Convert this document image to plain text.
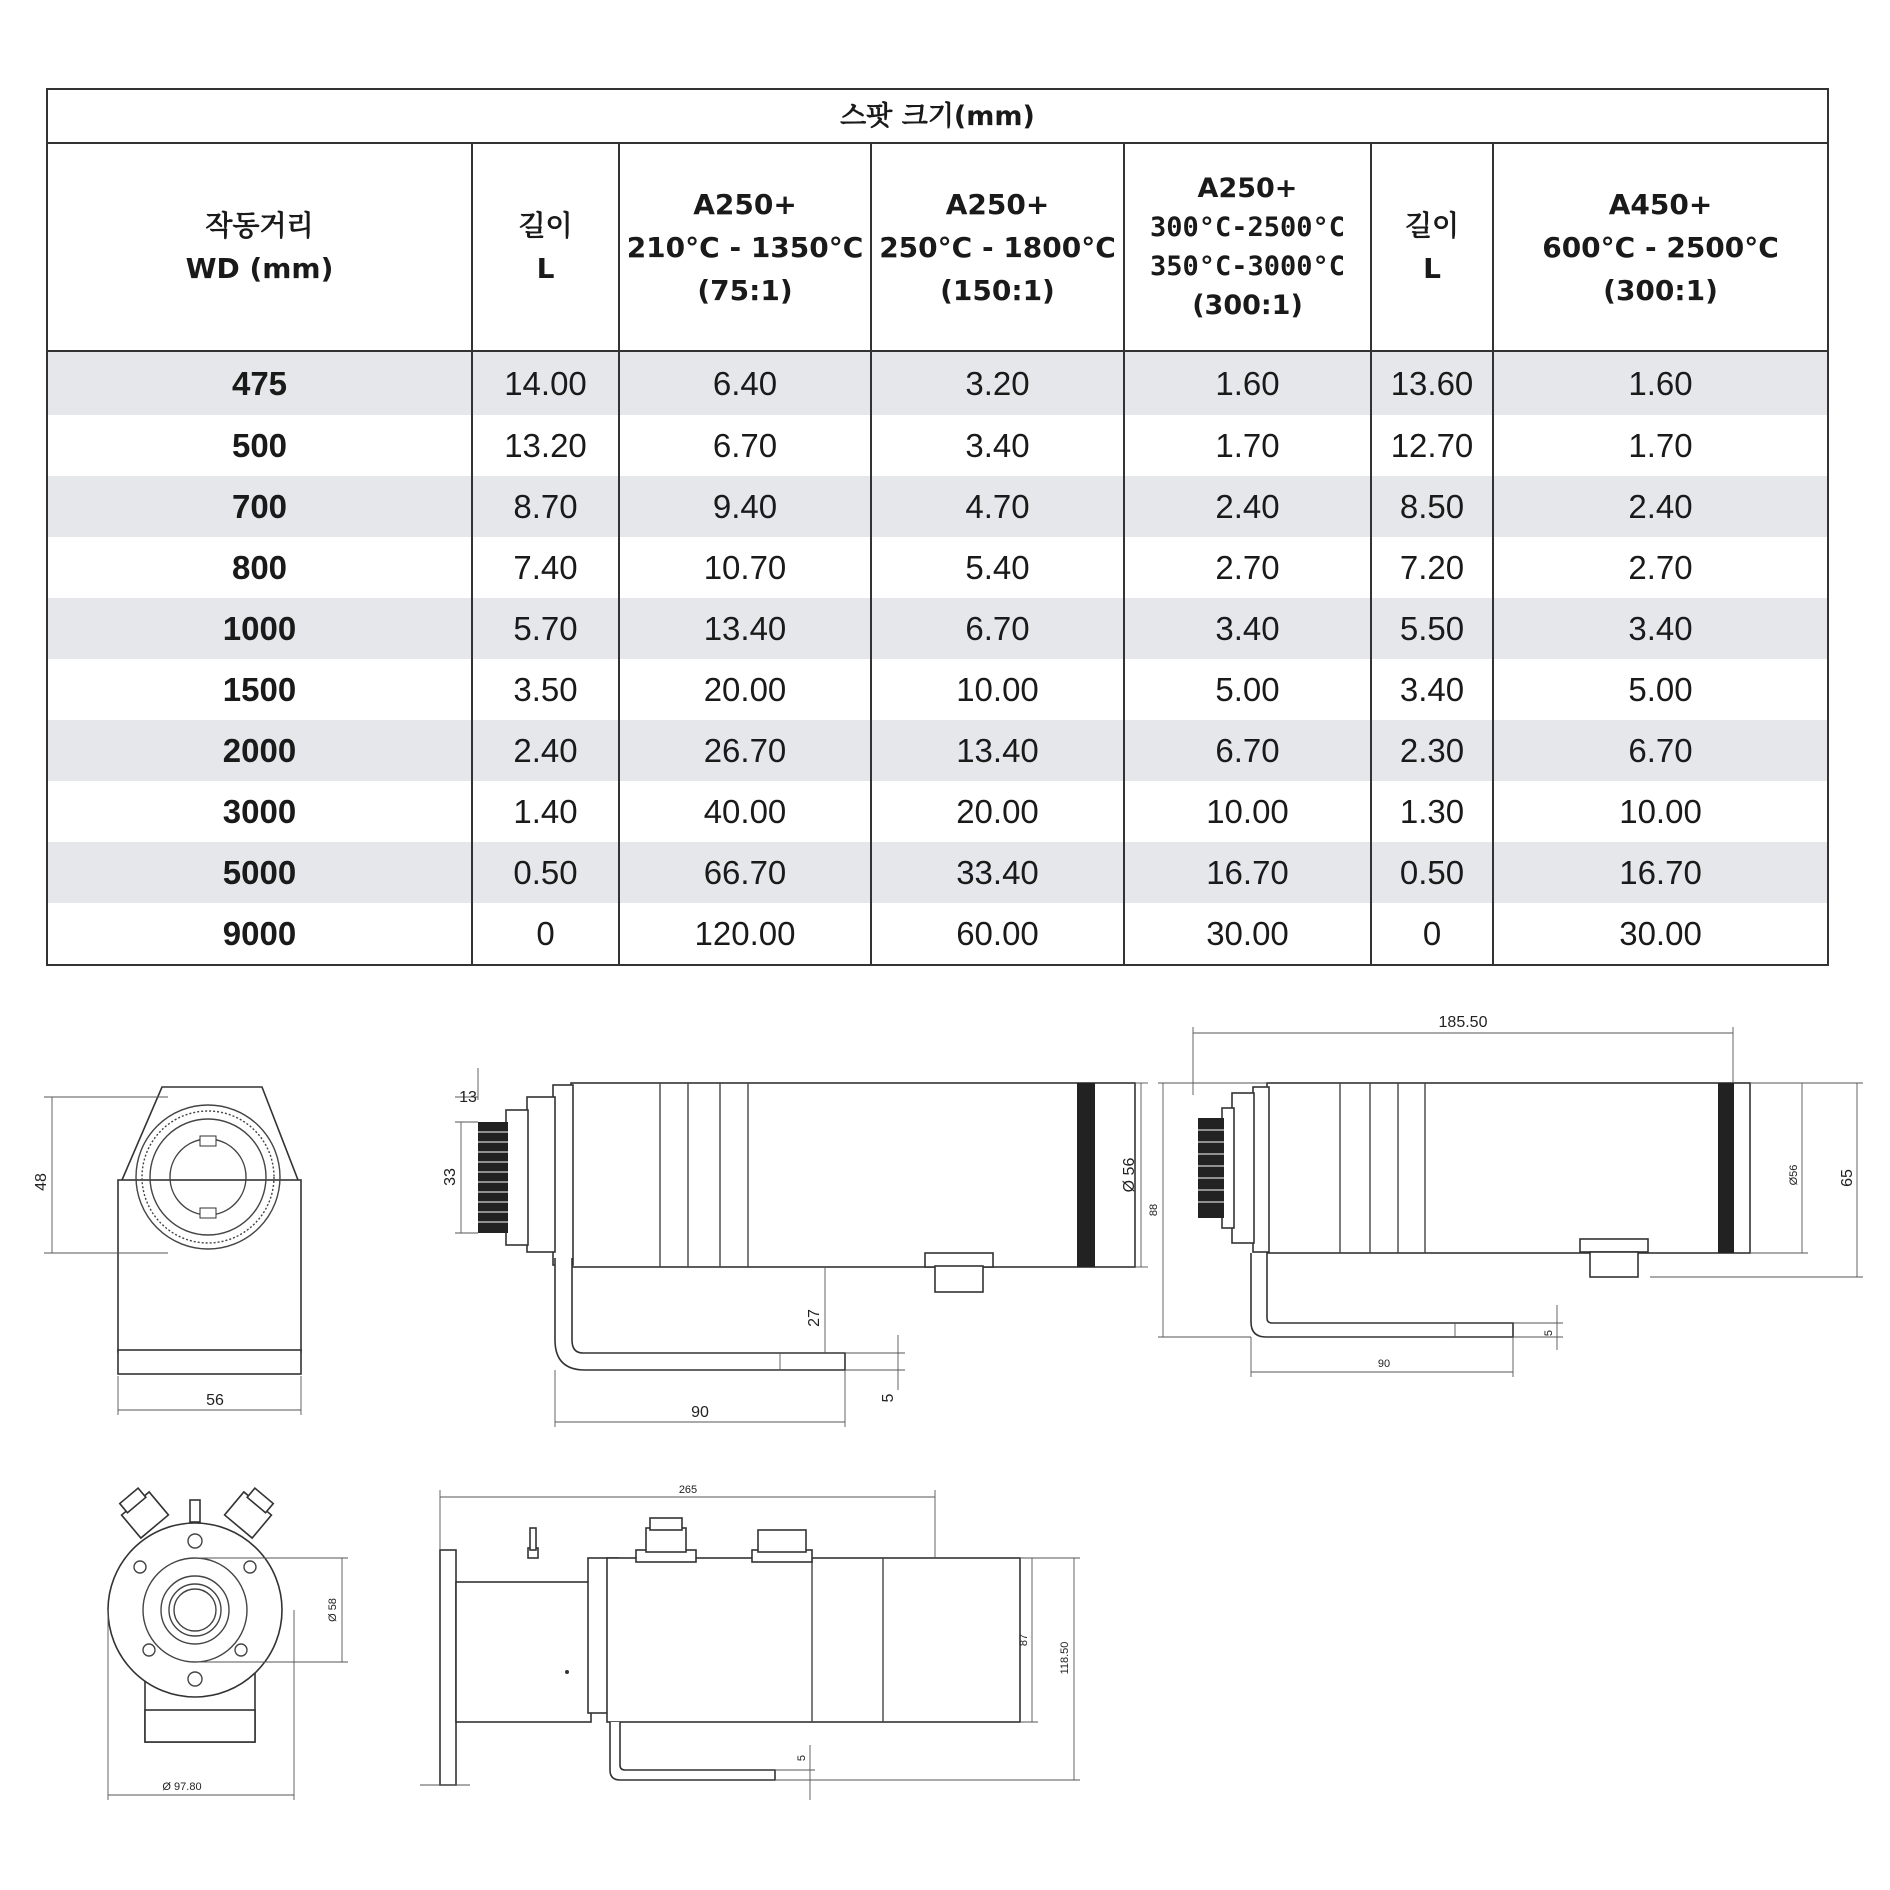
스팟 크기(mm)						

작동거리
WD (mm)	길이
L	A250+
210°C - 1350°C
(75:1)	A250+
250°C - 1800°C
(150:1)	A250+
300°C-2500°C
350°C-3000°C
(300:1)	길이
L	A450+
600°C - 2500°C
(300:1)

475	14.00	6.40	3.20	1.60	13.60	1.60
500	13.20	6.70	3.40	1.70	12.70	1.70
700	8.70	9.40	4.70	2.40	8.50	2.40
800	7.40	10.70	5.40	2.70	7.20	2.70
1000	5.70	13.40	6.70	3.40	5.50	3.40
1500	3.50	20.00	10.00	5.00	3.40	5.00
2000	2.40	26.70	13.40	6.70	2.30	6.70
3000	1.40	40.00	20.00	10.00	1.30	10.00
5000	0.50	66.70	33.40	16.70	0.50	16.70
9000	0	120.00	60.00	30.00	0	30.00
48
56
13
33	Ø 56
27
5
90
185.50
88
Ø56 65
5
90
Ø 58
Ø 97.80
265
87
118.50
5
